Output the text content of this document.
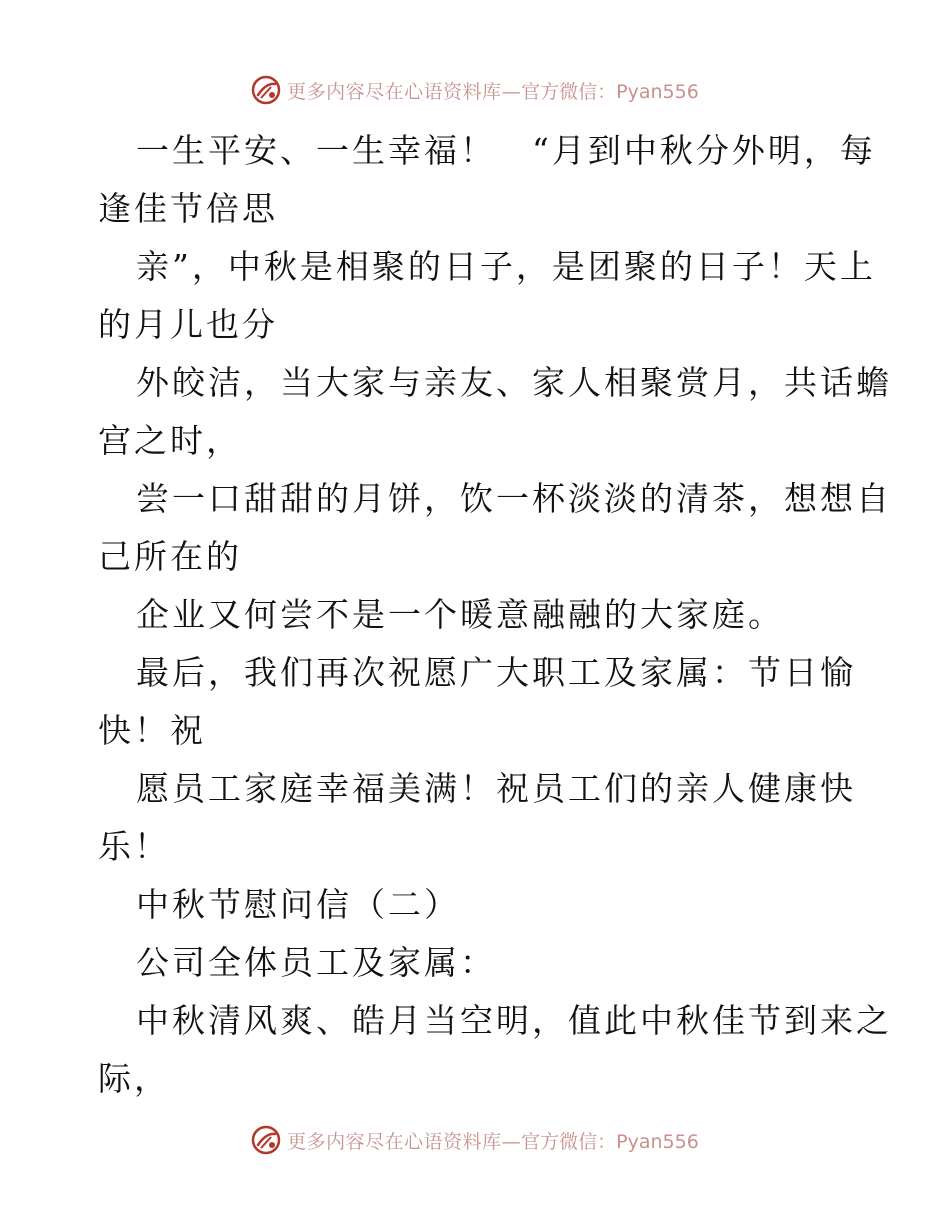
更多内容尽在心语资料库— 官方微信：Pyan556
一生平安、一生幸福！　“月到中秋分外明，每
逢佳节倍思
亲”，中秋是相聚的日子，是团聚的日子！天上
的月儿也分
外皎洁，当大家与亲友、家人相聚赏月，共话蟾
宫之时，
尝一口甜甜的月饼，饮一杯淡淡的清茶，想想自
己所在的
企业又何尝不是一个暖意融融的大家庭。
最后，我们再次祝愿广大职工及家属：节日愉
快！祝
愿员工家庭幸福美满！祝员工们的亲人健康快
乐！
中秋节慰问信（二）
公司全体员工及家属：
中秋清风爽、皓月当空明，值此中秋佳节到来之
际，
更多内容尽在心语资料库— 官方微信：Pyan556
